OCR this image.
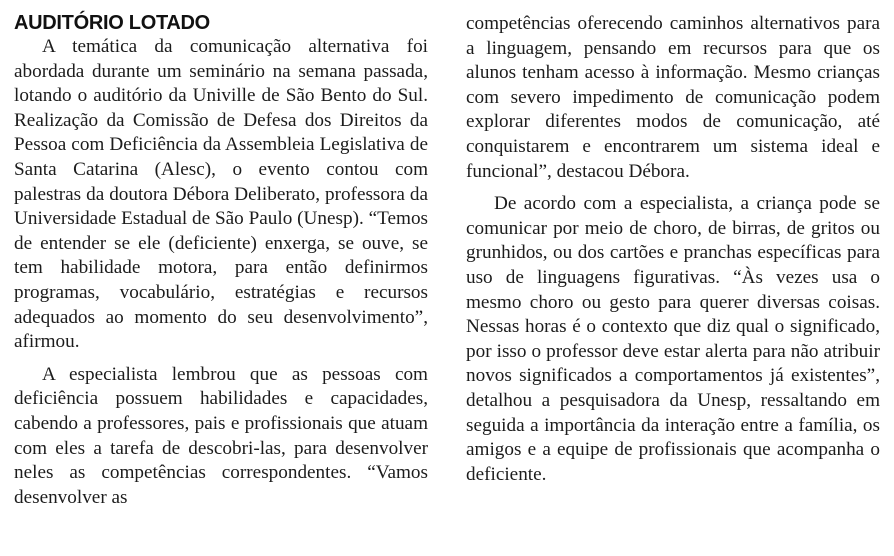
AUDITÓRIO LOTADO

A temática da comunicação alternativa foi abordada durante um seminário na semana passada, lotando o auditório da Univille de São Bento do Sul. Realização da Comissão de Defesa dos Direitos da Pessoa com Deficiência da Assembleia Legislativa de Santa Catarina (Alesc), o evento contou com palestras da doutora Débora Deliberato, professora da Universidade Estadual de São Paulo (Unesp). “Temos de entender se ele (deficiente) enxerga, se ouve, se tem habilidade motora, para então definirmos programas, vocabulário, estratégias e recursos adequados ao momento do seu desenvolvimento”, afirmou.

A especialista lembrou que as pessoas com deficiência possuem habilidades e capacidades, cabendo a professores, pais e profissionais que atuam com eles a tarefa de descobri-las, para desenvolver neles as competências correspondentes. “Vamos desenvolver as

competências oferecendo caminhos alternativos para a linguagem, pensando em recursos para que os alunos tenham acesso à informação. Mesmo crianças com severo impedimento de comunicação podem explorar diferentes modos de comunicação, até conquistarem e encontrarem um sistema ideal e funcional”, destacou Débora.

De acordo com a especialista, a criança pode se comunicar por meio de choro, de birras, de gritos ou grunhidos, ou dos cartões e pranchas específicas para uso de linguagens figurativas. “Às vezes usa o mesmo choro ou gesto para querer diversas coisas. Nessas horas é o contexto que diz qual o significado, por isso o professor deve estar alerta para não atribuir novos significados a comportamentos já existentes”, detalhou a pesquisadora da Unesp, ressaltando em seguida a importância da interação entre a família, os amigos e a equipe de profissionais que acompanha o deficiente.
